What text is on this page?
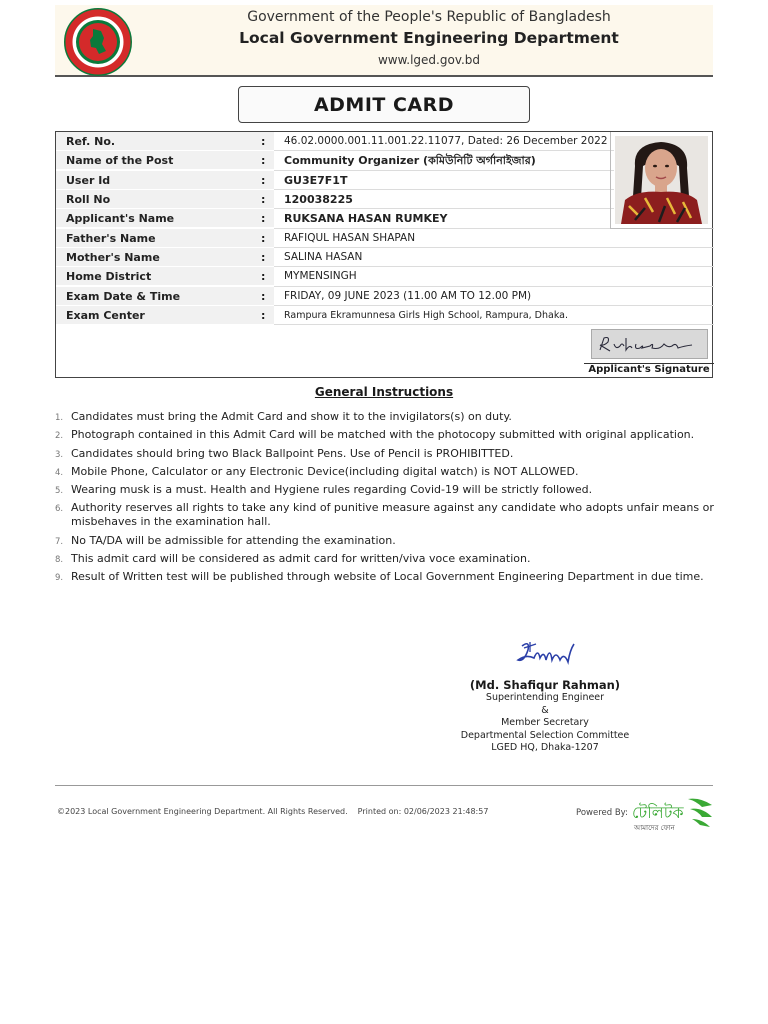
Government of the People's Republic of Bangladesh
Local Government Engineering Department
www.lged.gov.bd
ADMIT CARD
Ref. No.	: 46.02.0000.001.11.001.22.11077, Dated: 26 December 2022
Name of the Post	: Community Organizer (কমিউনিটি অর্গানাইজার)
User Id	: GU3E7F1T
Roll No	: 120038225
Applicant's Name	: RUKSANA HASAN RUMKEY
Father's Name	: RAFIQUL HASAN SHAPAN
Mother's Name	: SALINA HASAN
Home District	: MYMENSINGH
Exam Date & Time	: FRIDAY, 09 JUNE 2023 (11.00 AM TO 12.00 PM)
Exam Center	: Rampura Ekramunnesa Girls High School, Rampura, Dhaka.
Applicant's Signature
General Instructions
1. Candidates must bring the Admit Card and show it to the invigilators(s) on duty.
2. Photograph contained in this Admit Card will be matched with the photocopy submitted with original application.
3. Candidates should bring two Black Ballpoint Pens. Use of Pencil is PROHIBITTED.
4. Mobile Phone, Calculator or any Electronic Device(including digital watch) is NOT ALLOWED.
5. Wearing musk is a must. Health and Hygiene rules regarding Covid-19 will be strictly followed.
6. Authority reserves all rights to take any kind of punitive measure against any candidate who adopts unfair means or misbehaves in the examination hall.
7. No TA/DA will be admissible for attending the examination.
8. This admit card will be considered as admit card for written/viva voce examination.
9. Result of Written test will be published through website of Local Government Engineering Department in due time.
(Md. Shafiqur Rahman)
Superintending Engineer
&
Member Secretary
Departmental Selection Committee
LGED HQ, Dhaka-1207
©2023 Local Government Engineering Department. All Rights Reserved. Printed on: 02/06/2023 21:48:57	Powered By: টেলিটক
আমাদের ফোন
